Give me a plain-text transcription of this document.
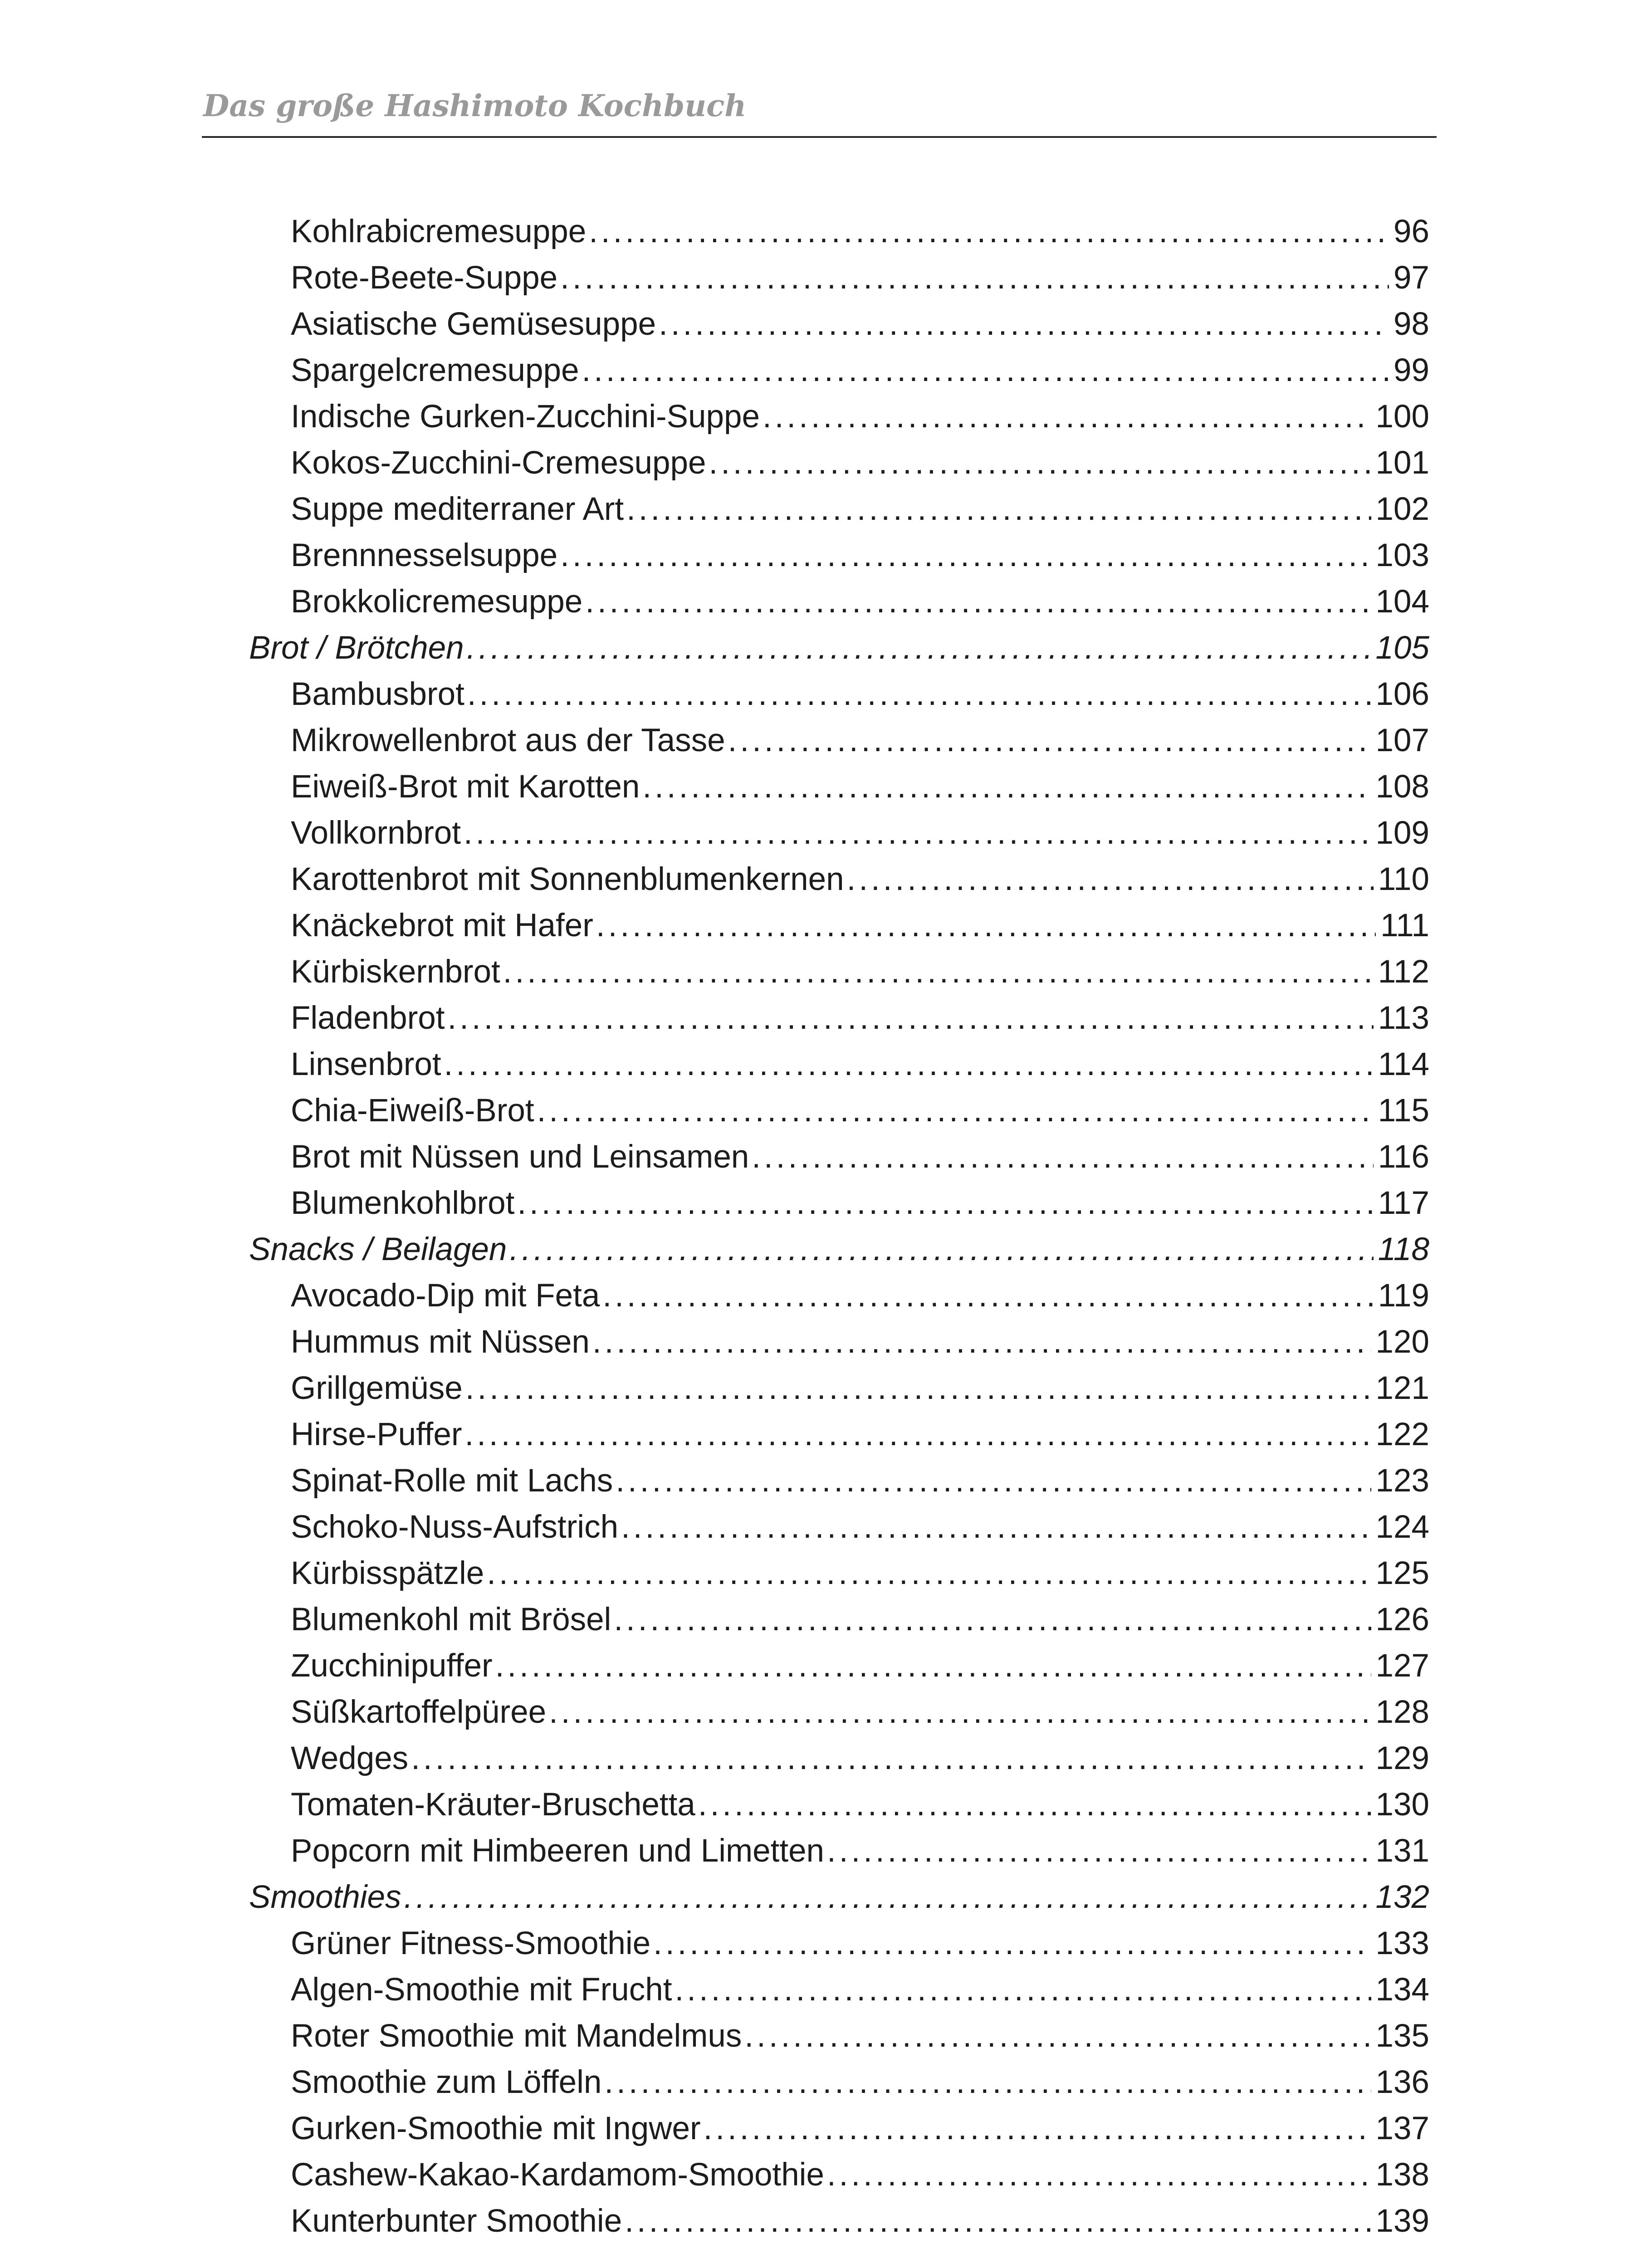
Das große Hashimoto Kochbuch
Kohlrabicremesuppe .....	96
Rote-Beete-Suppe .....	97
Asiatische Gemüsesuppe .....	98
Spargelcremesuppe .....	99
Indische Gurken-Zucchini-Suppe .....	100
Kokos-Zucchini-Cremesuppe .....	101
Suppe mediterraner Art .....	102
Brennnesselsuppe .....	103
Brokkolicremesuppe .....	104
Brot / Brötchen .....	105
Bambusbrot .....	106
Mikrowellenbrot aus der Tasse .....	107
Eiweiß-Brot mit Karotten .....	108
Vollkornbrot .....	109
Karottenbrot mit Sonnenblumenkernen .....	110
Knäckebrot mit Hafer .....	111
Kürbiskernbrot .....	112
Fladenbrot .....	113
Linsenbrot .....	114
Chia-Eiweiß-Brot .....	115
Brot mit Nüssen und Leinsamen .....	116
Blumenkohlbrot .....	117
Snacks / Beilagen .....	118
Avocado-Dip mit Feta .....	119
Hummus mit Nüssen .....	120
Grillgemüse .....	121
Hirse-Puffer .....	122
Spinat-Rolle mit Lachs .....	123
Schoko-Nuss-Aufstrich .....	124
Kürbisspätzle .....	125
Blumenkohl mit Brösel .....	126
Zucchinipuffer .....	127
Süßkartoffelpüree .....	128
Wedges .....	129
Tomaten-Kräuter-Bruschetta .....	130
Popcorn mit Himbeeren und Limetten .....	131
Smoothies .....	132
Grüner Fitness-Smoothie .....	133
Algen-Smoothie mit Frucht .....	134
Roter Smoothie mit Mandelmus .....	135
Smoothie zum Löffeln .....	136
Gurken-Smoothie mit Ingwer .....	137
Cashew-Kakao-Kardamom-Smoothie .....	138
Kunterbunter Smoothie .....	139
